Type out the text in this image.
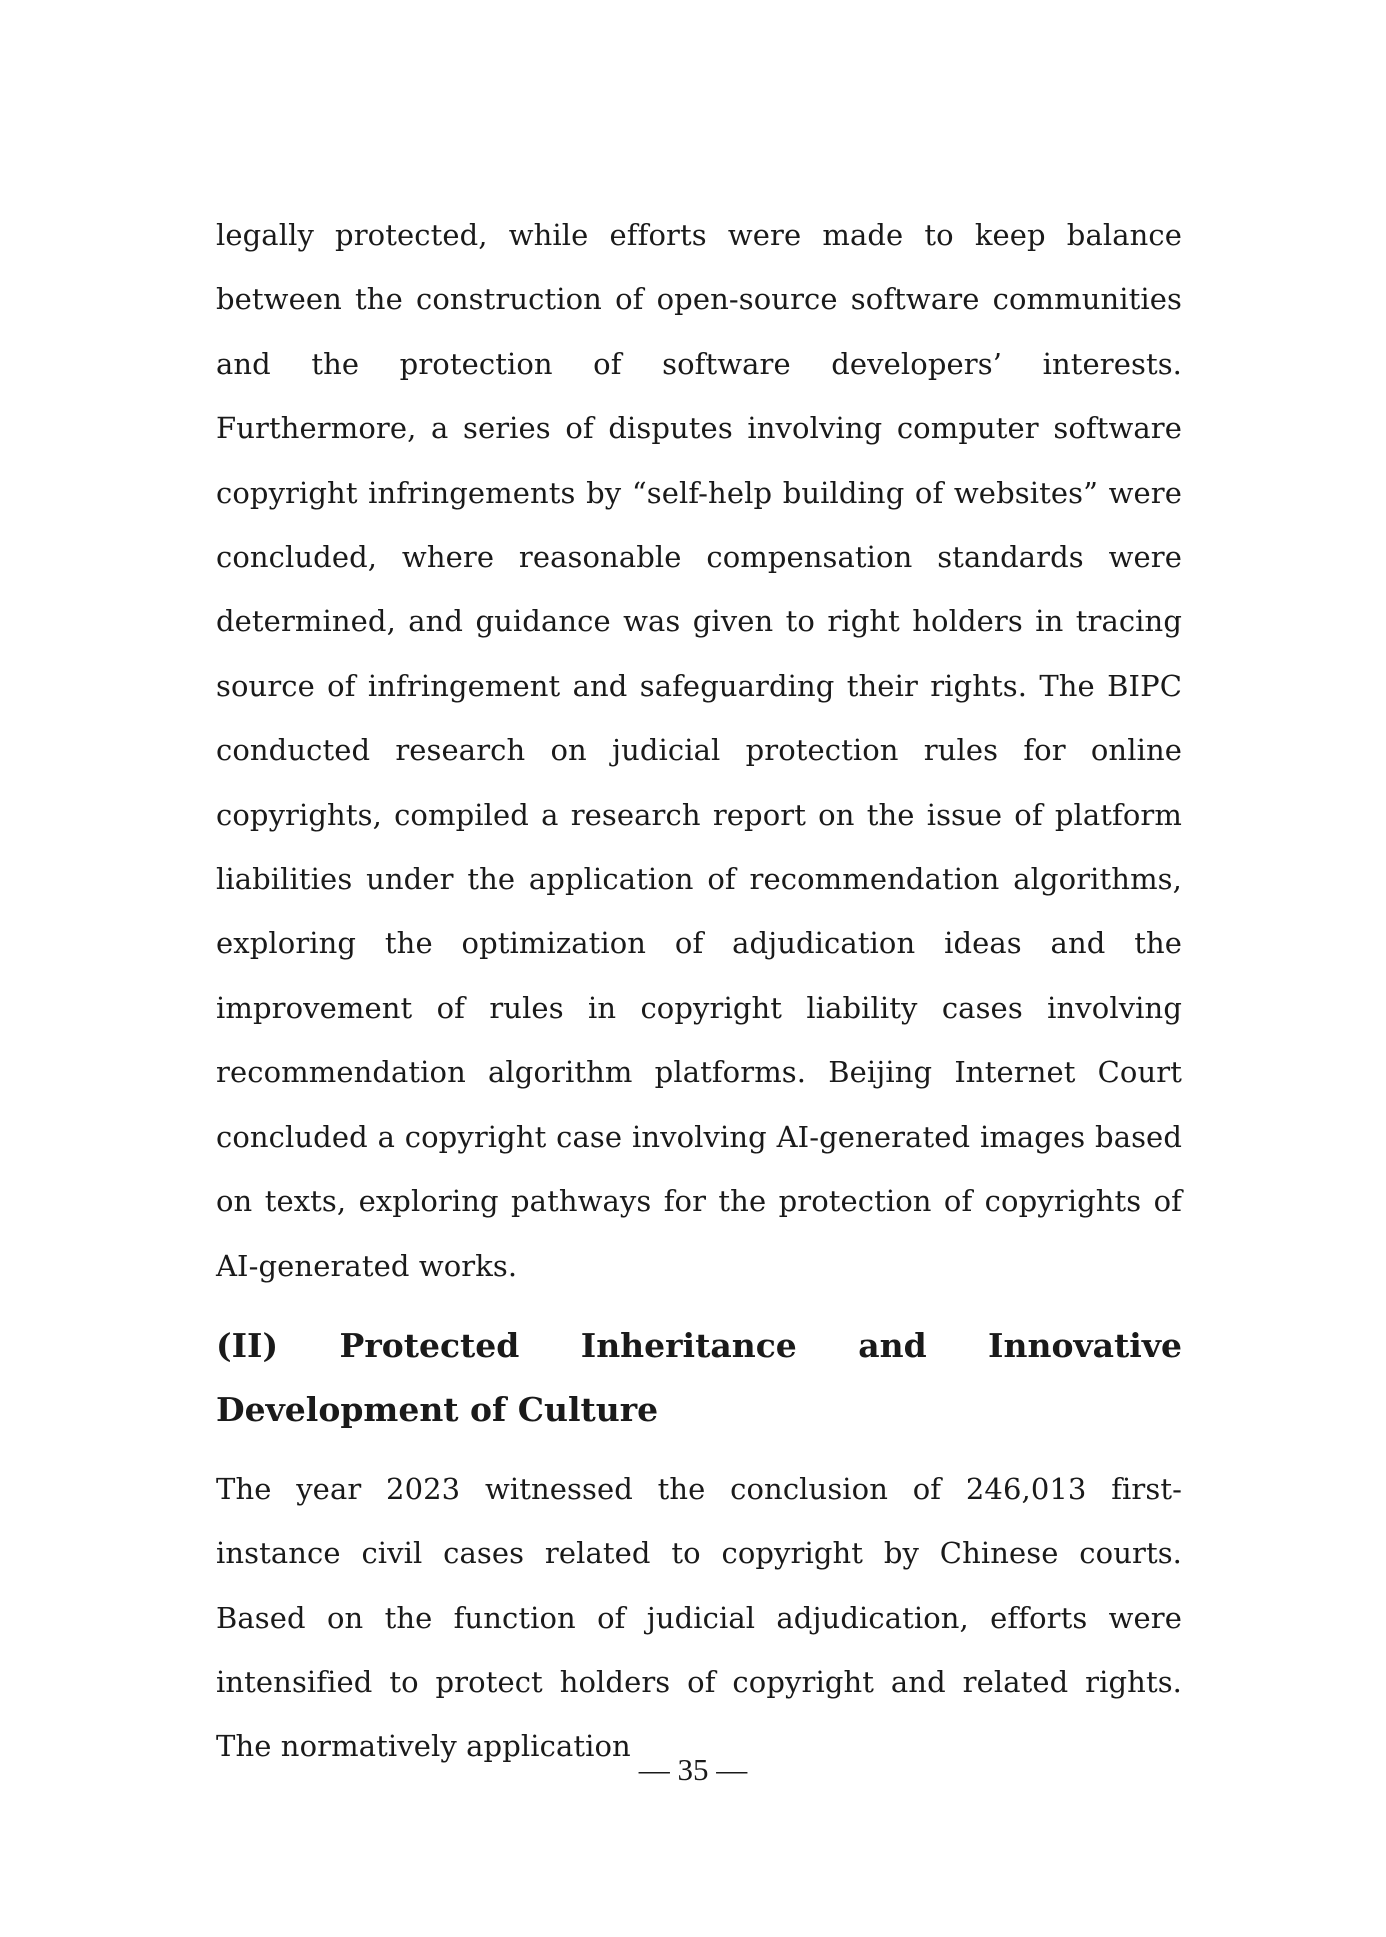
legally protected, while efforts were made to keep balance between the construction of open-source software communities and the protection of software developers’ interests. Furthermore, a series of disputes involving computer software copyright infringements by “self-help building of websites” were concluded, where reasonable compensation standards were determined, and guidance was given to right holders in tracing source of infringement and safeguarding their rights. The BIPC conducted research on judicial protection rules for online copyrights, compiled a research report on the issue of platform liabilities under the application of recommendation algorithms, exploring the optimization of adjudication ideas and the improvement of rules in copyright liability cases involving recommendation algorithm platforms. Beijing Internet Court concluded a copyright case involving AI-generated images based on texts, exploring pathways for the protection of copyrights of AI-generated works.

(II) Protected Inheritance and Innovative Development of Culture

The year 2023 witnessed the conclusion of 246,013 first-instance civil cases related to copyright by Chinese courts. Based on the function of judicial adjudication, efforts were intensified to protect holders of copyright and related rights. The normatively application

— 35 —
